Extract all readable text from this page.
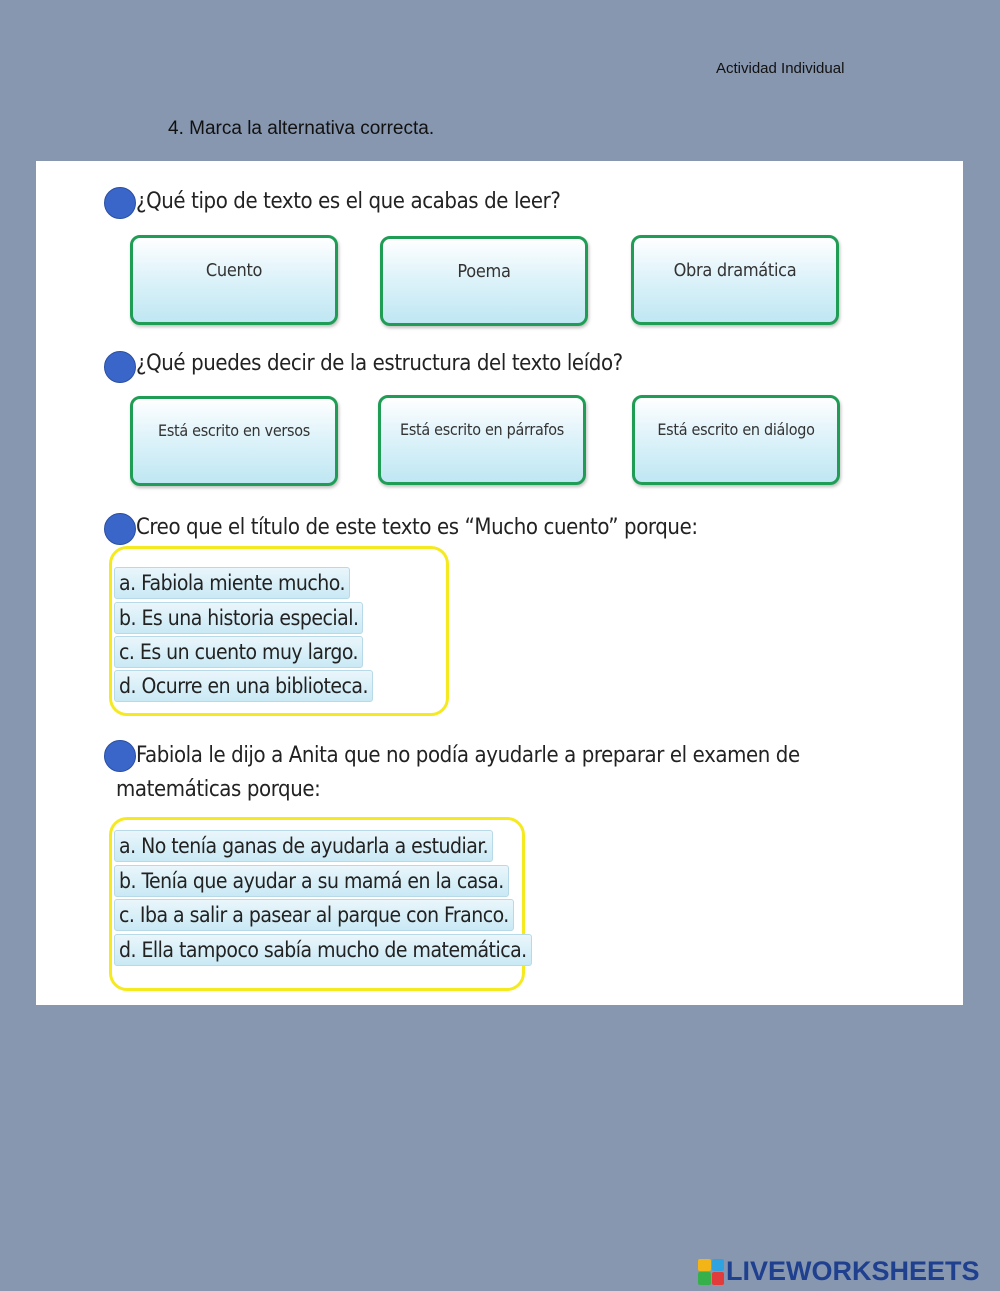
Actividad Individual
4. Marca la alternativa correcta.
¿Qué tipo de texto es el que acabas de leer?
Cuento	Poema	Obra dramática
¿Qué puedes decir de la estructura del texto leído?
Está escrito en versos	Está escrito en párrafos	Está escrito en diálogo
Creo que el título de este texto es “Mucho cuento” porque:
a. Fabiola miente mucho.
b. Es una historia especial.
c. Es un cuento muy largo.
d. Ocurre en una biblioteca.
Fabiola le dijo a Anita que no podía ayudarle a preparar el examen de
matemáticas porque:
a. No tenía ganas de ayudarla a estudiar.
b. Tenía que ayudar a su mamá en la casa.
c. Iba a salir a pasear al parque con Franco.
d. Ella tampoco sabía mucho de matemática.
LIVEWORKSHEETS
